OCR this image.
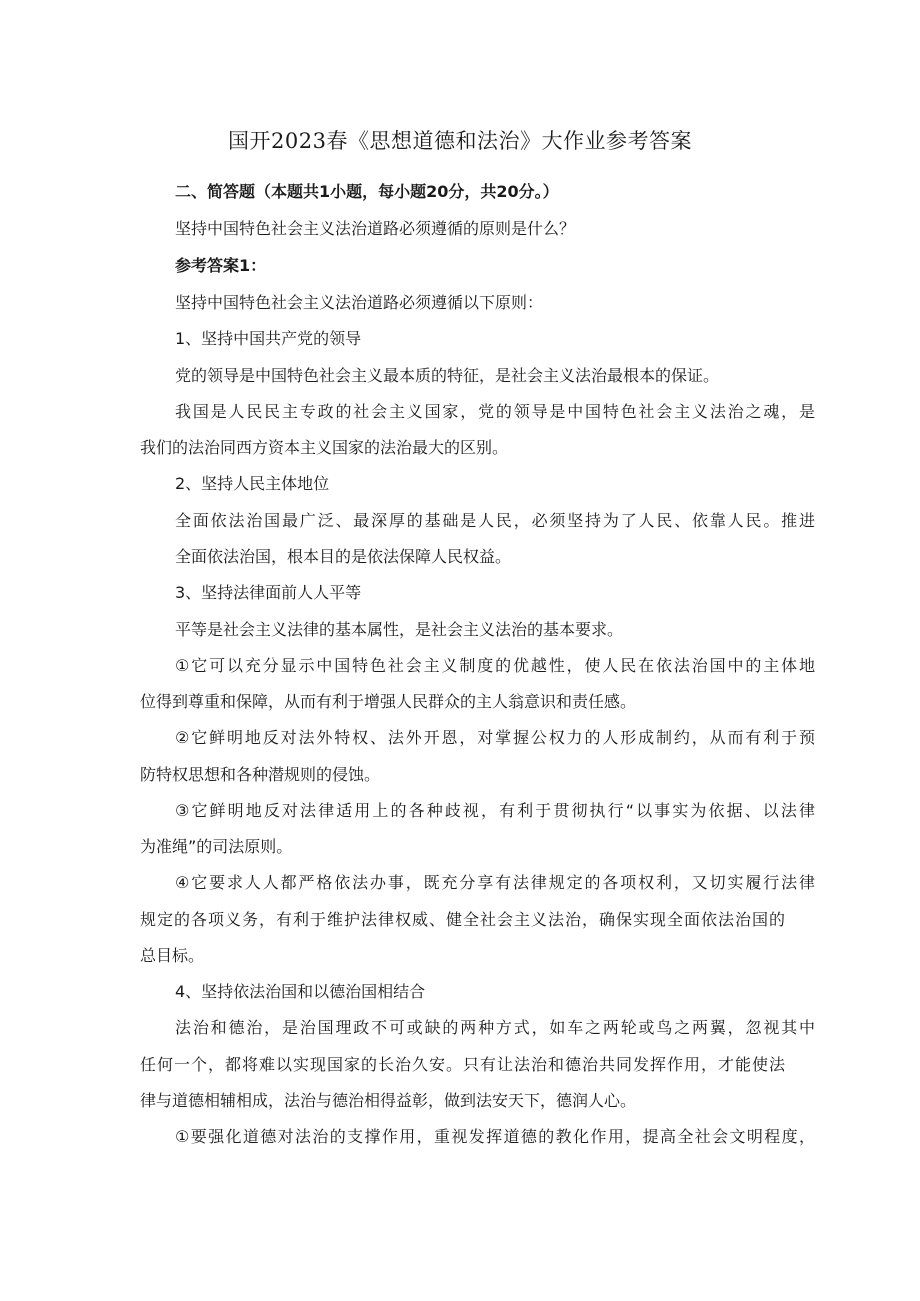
国开2023春《思想道德和法治》大作业参考答案
二、简答题（本题共1小题，每小题20分，共20分。）
坚持中国特色社会主义法治道路必须遵循的原则是什么？
参考答案1：
坚持中国特色社会主义法治道路必须遵循以下原则：
1、坚持中国共产党的领导
党的领导是中国特色社会主义最本质的特征，是社会主义法治最根本的保证。
我国是人民民主专政的社会主义国家，党的领导是中国特色社会主义法治之魂，是
我们的法治同西方资本主义国家的法治最大的区别。
2、坚持人民主体地位
全面依法治国最广泛、最深厚的基础是人民，必须坚持为了人民、依靠人民。推进
全面依法治国，根本目的是依法保障人民权益。
3、坚持法律面前人人平等
平等是社会主义法律的基本属性，是社会主义法治的基本要求。
①它可以充分显示中国特色社会主义制度的优越性，使人民在依法治国中的主体地
位得到尊重和保障，从而有利于增强人民群众的主人翁意识和责任感。
②它鲜明地反对法外特权、法外开恩，对掌握公权力的人形成制约，从而有利于预
防特权思想和各种潜规则的侵蚀。
③它鲜明地反对法律适用上的各种歧视，有利于贯彻执行“以事实为依据、以法律
为准绳”的司法原则。
④它要求人人都严格依法办事，既充分享有法律规定的各项权利，又切实履行法律
规定的各项义务，有利于维护法律权威、健全社会主义法治，确保实现全面依法治国的
总目标。
4、坚持依法治国和以德治国相结合
法治和德治，是治国理政不可或缺的两种方式，如车之两轮或鸟之两翼，忽视其中
任何一个，都将难以实现国家的长治久安。只有让法治和德治共同发挥作用，才能使法
律与道德相辅相成，法治与德治相得益彰，做到法安天下，德润人心。
①要强化道德对法治的支撑作用，重视发挥道德的教化作用，提高全社会文明程度，
